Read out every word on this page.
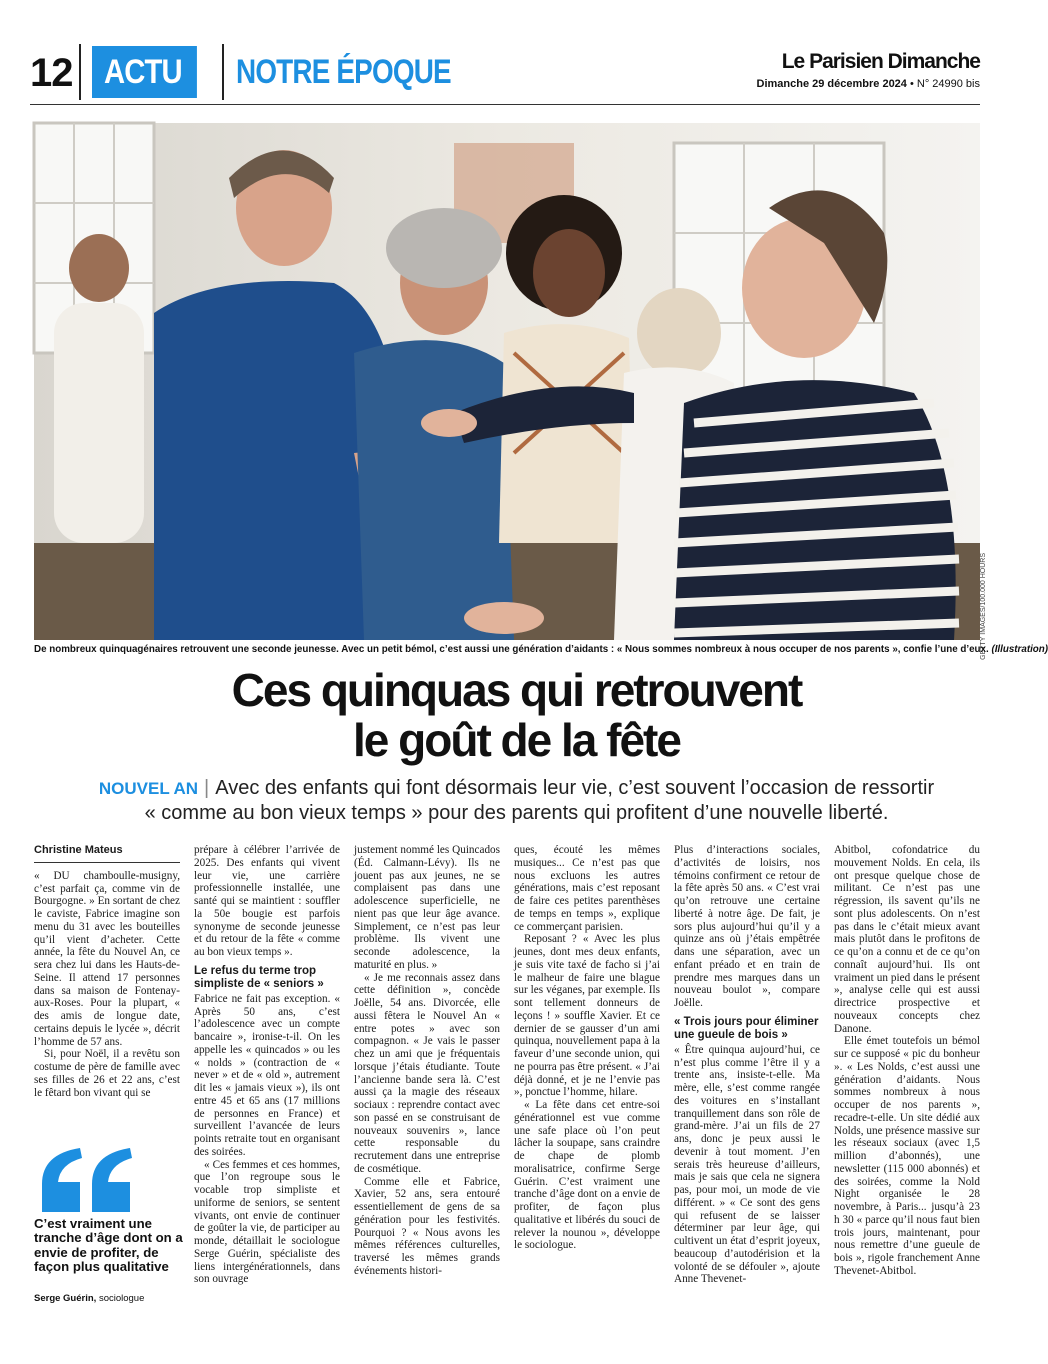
12 ACTU	NOTRE ÉPOQUE	Le Parisien Dimanche
Dimanche 29 décembre 2024 • N° 24990 bis
GETTY IMAGES/100.000 HOURS
De nombreux quinquagénaires retrouvent une seconde jeunesse. Avec un petit bémol, c’est aussi une génération d’aidants : « Nous sommes nombreux à nous occuper de nos parents », confie l’une d’eux. (Illustration)
Ces quinquas qui retrouvent
le goût de la fête
NOUVEL AN | Avec des enfants qui font désormais leur vie, c’est souvent l’occasion de ressortir
« comme au bon vieux temps » pour des parents qui profitent d’une nouvelle liberté.
Christine Mateus

« DU chamboulle-musigny, c’est parfait ça, comme vin de Bourgogne. » En sortant de chez le caviste, Fabrice imagine son menu du 31 avec les bouteilles qu’il vient d’acheter. Cette année, la fête du Nouvel An, ce sera chez lui dans les Hauts-de-Seine. Il attend 17 personnes dans sa maison de Fontenay-aux-Roses. Pour la plupart, « des amis de longue date, certains depuis le lycée », décrit l’homme de 57 ans.

Si, pour Noël, il a revêtu son costume de père de famille avec ses filles de 26 et 22 ans, c’est le fêtard bon vivant qui se

C’est vraiment une tranche d’âge dont on a envie de profiter, de façon plus qualitative
Serge Guérin, sociologue

prépare à célébrer l’arrivée de 2025. Des enfants qui vivent leur vie, une carrière professionnelle installée, une santé qui se maintient : souffler la 50e bougie est parfois synonyme de seconde jeunesse et du retour de la fête « comme au bon vieux temps ».

Le refus du terme trop simpliste de « seniors »

Fabrice ne fait pas exception. « Après 50 ans, c’est l’adolescence avec un compte bancaire », ironise-t-il. On les appelle les « quincados » ou les « nolds » (contraction de « never » et de « old », autrement dit les « jamais vieux »), ils ont entre 45 et 65 ans (17 millions de personnes en France) et surveillent l’avancée de leurs points retraite tout en organisant des soirées.

« Ces femmes et ces hommes, que l’on regroupe sous le vocable trop simpliste et uniforme de seniors, se sentent vivants, ont envie de continuer de goûter la vie, de participer au monde, détaillait le sociologue Serge Guérin, spécialiste des liens intergénérationnels, dans son ouvrage

justement nommé les Quincados (Éd. Calmann-Lévy). Ils ne jouent pas aux jeunes, ne se complaisent pas dans une adolescence superficielle, ne nient pas que leur âge avance. Simplement, ce n’est pas leur problème. Ils vivent une seconde adolescence, la maturité en plus. »

« Je me reconnais assez dans cette définition », concède Joëlle, 54 ans. Divorcée, elle aussi fêtera le Nouvel An « entre potes » avec son compagnon. « Je vais le passer chez un ami que je fréquentais lorsque j’étais étudiante. Toute l’ancienne bande sera là. C’est aussi ça la magie des réseaux sociaux : reprendre contact avec son passé en se construisant de nouveaux souvenirs », lance cette responsable du recrutement dans une entreprise de cosmétique.

Comme elle et Fabrice, Xavier, 52 ans, sera entouré essentiellement de gens de sa génération pour les festivités. Pourquoi ? « Nous avons les mêmes références culturelles, traversé les mêmes grands événements histori-

ques, écouté les mêmes musiques... Ce n’est pas que nous excluons les autres générations, mais c’est reposant de faire ces petites parenthèses de temps en temps », explique ce commerçant parisien.

Reposant ? « Avec les plus jeunes, dont mes deux enfants, je suis vite taxé de facho si j’ai le malheur de faire une blague sur les véganes, par exemple. Ils sont tellement donneurs de leçons ! » souffle Xavier. Et ce dernier de se gausser d’un ami quinqua, nouvellement papa à la faveur d’une seconde union, qui ne pourra pas être présent. « J’ai déjà donné, et je ne l’envie pas », ponctue l’homme, hilare.

« La fête dans cet entre-soi générationnel est vue comme une safe place où l’on peut lâcher la soupape, sans craindre de chape de plomb moralisatrice, confirme Serge Guérin. C’est vraiment une tranche d’âge dont on a envie de profiter, de façon plus qualitative et libérés du souci de relever la nounou », développe le sociologue.

Plus d’interactions sociales, d’activités de loisirs, nos témoins confirment ce retour de la fête après 50 ans. « C’est vrai qu’on retrouve une certaine liberté à notre âge. De fait, je sors plus aujourd’hui qu’il y a quinze ans où j’étais empêtrée dans une séparation, avec un enfant préado et en train de prendre mes marques dans un nouveau boulot », compare Joëlle.

« Trois jours pour éliminer une gueule de bois »

« Être quinqua aujourd’hui, ce n’est plus comme l’être il y a trente ans, insiste-t-elle. Ma mère, elle, s’est comme rangée des voitures en s’installant tranquillement dans son rôle de grand-mère. J’ai un fils de 27 ans, donc je peux aussi le devenir à tout moment. J’en serais très heureuse d’ailleurs, mais je sais que cela ne signera pas, pour moi, un mode de vie différent. » « Ce sont des gens qui refusent de se laisser déterminer par leur âge, qui cultivent un état d’esprit joyeux, beaucoup d’autodérision et la volonté de se défouler », ajoute Anne Thevenet-

Abitbol, cofondatrice du mouvement Nolds. En cela, ils ont presque quelque chose de militant. Ce n’est pas une régression, ils savent qu’ils ne sont plus adolescents. On n’est pas dans le c’était mieux avant mais plutôt dans le profitons de ce qu’on a connu et de ce qu’on connaît aujourd’hui. Ils ont vraiment un pied dans le présent », analyse celle qui est aussi directrice prospective et nouveaux concepts chez Danone.

Elle émet toutefois un bémol sur ce supposé « pic du bonheur ». « Les Nolds, c’est aussi une génération d’aidants. Nous sommes nombreux à nous occuper de nos parents », recadre-t-elle. Un site dédié aux Nolds, une présence massive sur les réseaux sociaux (avec 1,5 million d’abonnés), une newsletter (115 000 abonnés) et des soirées, comme la Nold Night organisée le 28 novembre, à Paris... jusqu’à 23 h 30 « parce qu’il nous faut bien trois jours, maintenant, pour nous remettre d’une gueule de bois », rigole franchement Anne Thevenet-Abitbol.
